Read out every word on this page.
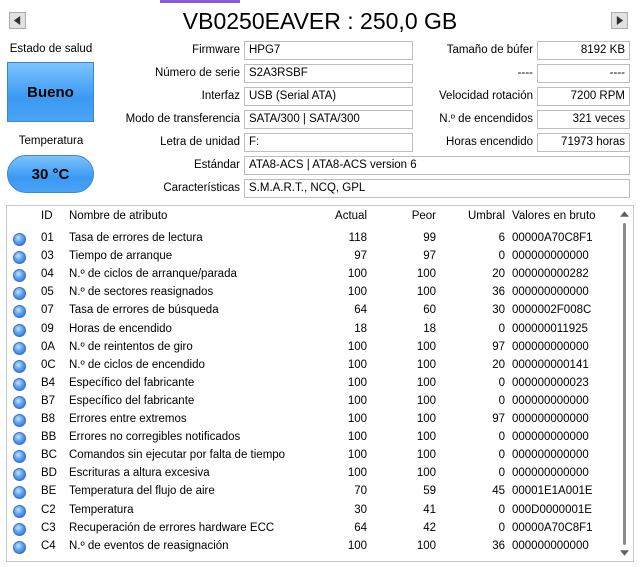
VB0250EAVER : 250,0 GB
Estado de salud
Bueno
Temperatura
30 °C
Firmware HPG7
Número de serie S2A3RSBF
Interfaz USB (Serial ATA)
Modo de transferencia SATA/300 | SATA/300
Letra de unidad F:
Tamaño de búfer	8192 KB
----	----
Velocidad rotación	7200 RPM
N.º de encendidos	321 veces
Horas encendido	71973 horas
Estándar ATA8-ACS | ATA8-ACS version 6
Características S.M.A.R.T., NCQ, GPL
ID Nombre de atributo	Actual	Peor	Umbral Valores en bruto
01 Tasa de errores de lectura	118	99	6 00000A70C8F1
03 Tiempo de arranque	97	97	0 000000000000
04 N.º de ciclos de arranque/parada	100	100	20 000000000282
05 N.º de sectores reasignados	100	100	36 000000000000
07 Tasa de errores de búsqueda	64	60	30 0000002F008C
09 Horas de encendido	18	18	0 000000011925
0A N.º de reintentos de giro	100	100	97 000000000000
0C N.º de ciclos de encendido	100	100	20 000000000141
B4 Específico del fabricante	100	100	0 000000000023
B7 Específico del fabricante	100	100	0 000000000000
B8 Errores entre extremos	100	100	97 000000000000
BB Errores no corregibles notificados	100	100	0 000000000000
BC Comandos sin ejecutar por falta de tiempo	100	100	0 000000000000
BD Escrituras a altura excesiva	100	100	0 000000000000
BE Temperatura del flujo de aire	70	59	45 00001E1A001E
C2 Temperatura	30	41	0 000D0000001E
C3 Recuperación de errores hardware ECC	64	42	0 00000A70C8F1
C4 N.º de eventos de reasignación	100	100	36 000000000000
